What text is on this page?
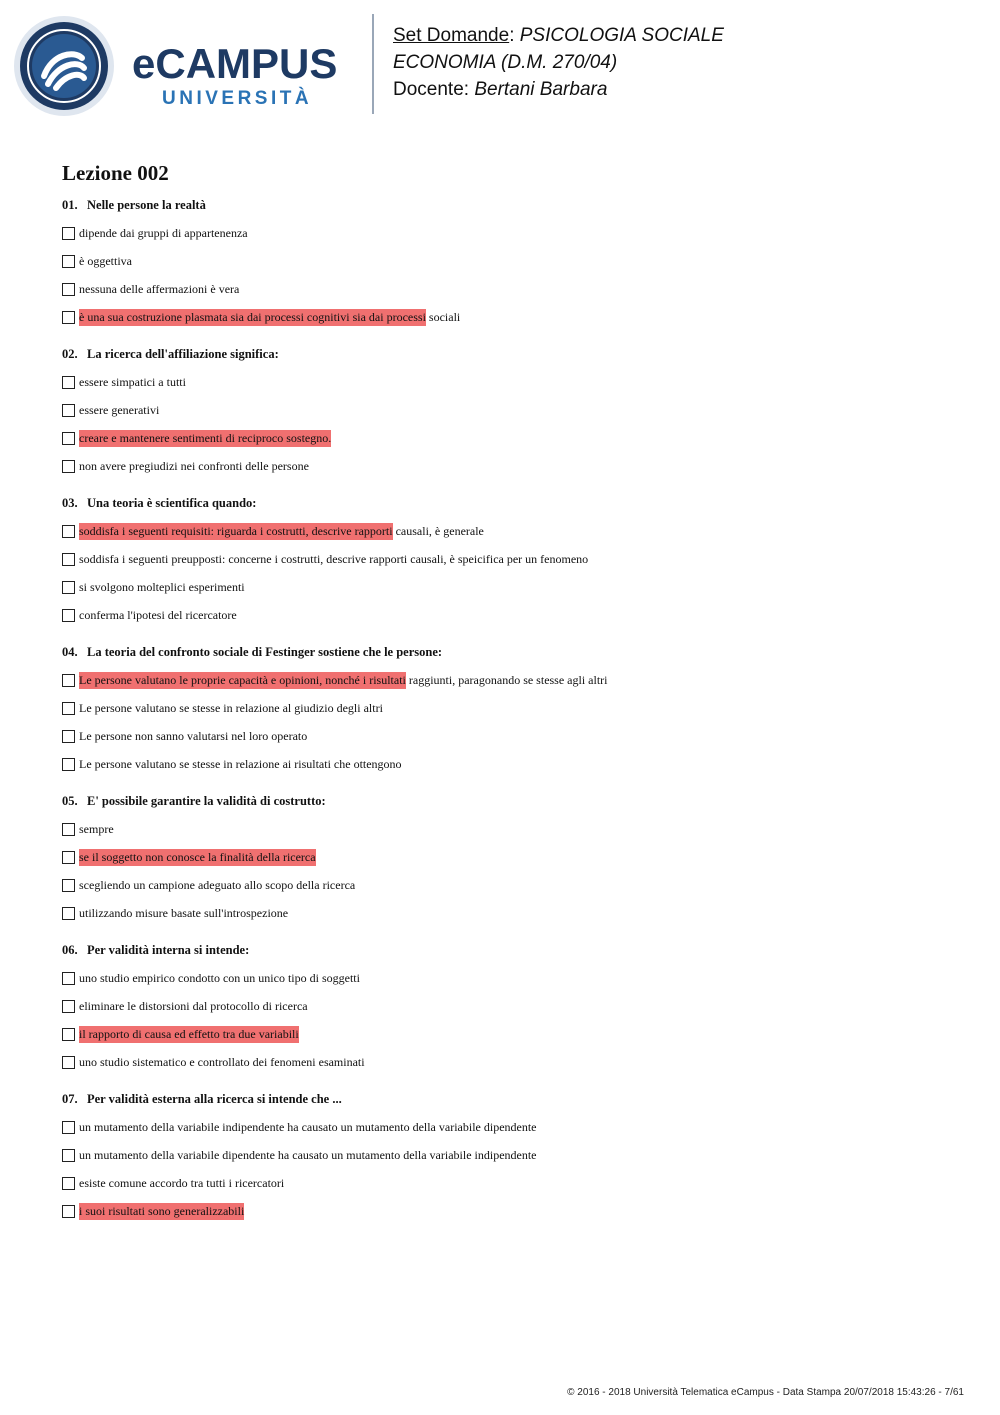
eCAMPUS
UNIVERSITÀ
Set Domande: PSICOLOGIA SOCIALE
ECONOMIA (D.M. 270/04)
Docente: Bertani Barbara
Lezione 002
01. Nelle persone la realtà
dipende dai gruppi di appartenenza
è oggettiva
nessuna delle affermazioni è vera
è una sua costruzione plasmata sia dai processi cognitivi sia dai processi sociali
02. La ricerca dell'affiliazione significa:
essere simpatici a tutti
essere generativi
creare e mantenere sentimenti di reciproco sostegno.
non avere pregiudizi nei confronti delle persone
03. Una teoria è scientifica quando:
soddisfa i seguenti requisiti: riguarda i costrutti, descrive rapporti causali, è generale
soddisfa i seguenti preupposti: concerne i costrutti, descrive rapporti causali, è speicifica per un fenomeno
si svolgono molteplici esperimenti
conferma l'ipotesi del ricercatore
04. La teoria del confronto sociale di Festinger sostiene che le persone:
Le persone valutano le proprie capacità e opinioni, nonché i risultati raggiunti, paragonando se stesse agli altri
Le persone valutano se stesse in relazione al giudizio degli altri
Le persone non sanno valutarsi nel loro operato
Le persone valutano se stesse in relazione ai risultati che ottengono
05. E' possibile garantire la validità di costrutto:
sempre
se il soggetto non conosce la finalità della ricerca
scegliendo un campione adeguato allo scopo della ricerca
utilizzando misure basate sull'introspezione
06. Per validità interna si intende:
uno studio empirico condotto con un unico tipo di soggetti
eliminare le distorsioni dal protocollo di ricerca
il rapporto di causa ed effetto tra due variabili
uno studio sistematico e controllato dei fenomeni esaminati
07. Per validità esterna alla ricerca si intende che ...
un mutamento della variabile indipendente ha causato un mutamento della variabile dipendente
un mutamento della variabile dipendente ha causato un mutamento della variabile indipendente
esiste comune accordo tra tutti i ricercatori
i suoi risultati sono generalizzabili
© 2016 - 2018 Università Telematica eCampus - Data Stampa 20/07/2018 15:43:26 - 7/61
